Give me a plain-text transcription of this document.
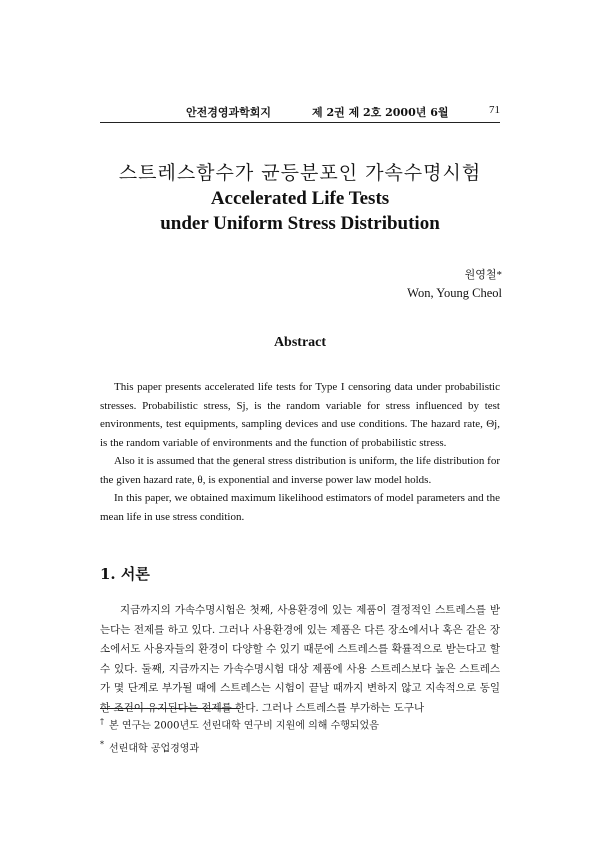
안전경영과학회지	제 2권 제 2호 2000년 6월	71
스트레스함수가 균등분포인 가속수명시험
Accelerated Life Tests
under Uniform Stress Distribution
원영철*
Won, Young Cheol
Abstract

This paper presents accelerated life tests for Type I censoring data under probabilistic stresses. Probabilistic stress, Sj, is the random variable for stress influenced by test environments, test equipments, sampling devices and use conditions. The hazard rate, Θj, is the random variable of environments and the function of probabilistic stress.

Also it is assumed that the general stress distribution is uniform, the life distribution for the given hazard rate, θ, is exponential and inverse power law model holds.

In this paper, we obtained maximum likelihood estimators of model parameters and the mean life in use stress condition.

1. 서론

지금까지의 가속수명시험은 첫째, 사용환경에 있는 제품이 결정적인 스트레스를 받는다는 전제를 하고 있다. 그러나 사용환경에 있는 제품은 다른 장소에서나 혹은 같은 장소에서도 사용자들의 환경이 다양할 수 있기 때문에 스트레스를 확률적으로 받는다고 할 수 있다. 둘째, 지금까지는 가속수명시험 대상 제품에 사용 스트레스보다 높은 스트레스가 몇 단계로 부가될 때에 스트레스는 시험이 끝날 때까지 변하지 않고 지속적으로 동일한 조건이 유지된다는 전제를 한다. 그러나 스트레스를 부가하는 도구나

† 본 연구는 2000년도 선린대학 연구비 지원에 의해 수행되었음
* 선린대학 공업경영과
